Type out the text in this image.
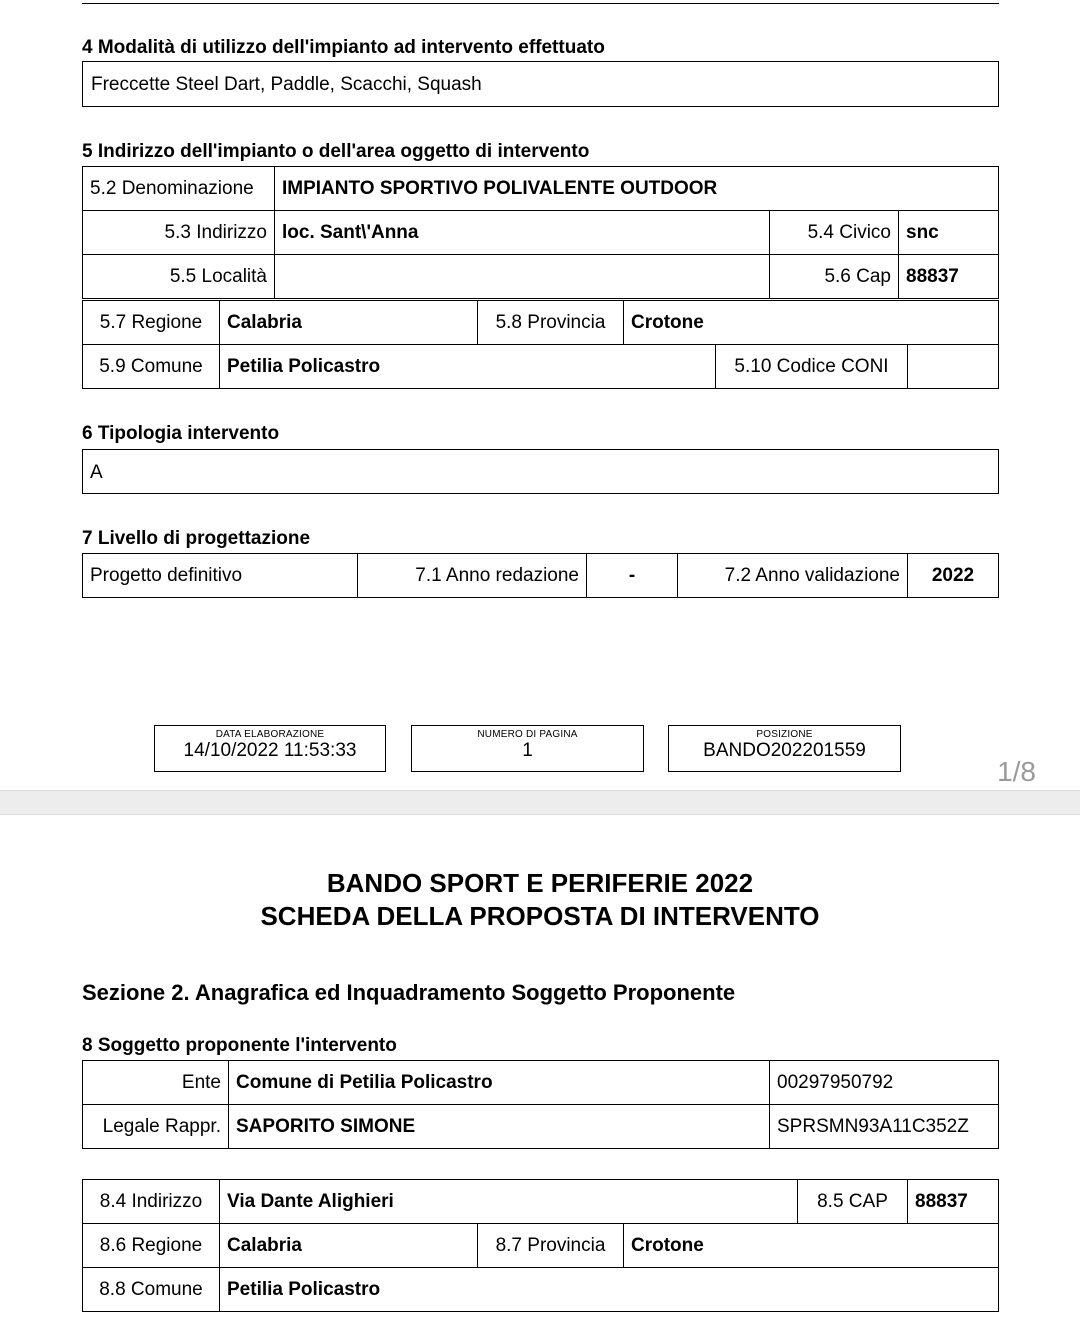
4 Modalità di utilizzo dell'impianto ad intervento effettuato
Freccette Steel Dart, Paddle, Scacchi, Squash
5 Indirizzo dell'impianto o dell'area oggetto di intervento
5.2 Denominazione	IMPIANTO SPORTIVO POLIVALENTE OUTDOOR
5.3 Indirizzo	loc. Sant\'Anna	5.4 Civico	snc
5.5 Località		5.6 Cap	88837
5.7 Regione	Calabria	5.8 Provincia	Crotone
5.9 Comune	Petilia Policastro	5.10 Codice CONI	
6 Tipologia intervento
A
7 Livello di progettazione
Progetto definitivo	7.1 Anno redazione	-	7.2 Anno validazione	2022
DATA ELABORAZIONE
14/10/2022 11:53:33
NUMERO DI PAGINA
1
POSIZIONE
BANDO202201559
1/8
BANDO SPORT E PERIFERIE 2022
SCHEDA DELLA PROPOSTA DI INTERVENTO
Sezione 2. Anagrafica ed Inquadramento Soggetto Proponente
8 Soggetto proponente l'intervento
Ente	Comune di Petilia Policastro	00297950792
Legale Rappr.	SAPORITO SIMONE	SPRSMN93A11C352Z
8.4 Indirizzo	Via Dante Alighieri	8.5 CAP	88837
8.6 Regione	Calabria	8.7 Provincia	Crotone
8.8 Comune	Petilia Policastro
